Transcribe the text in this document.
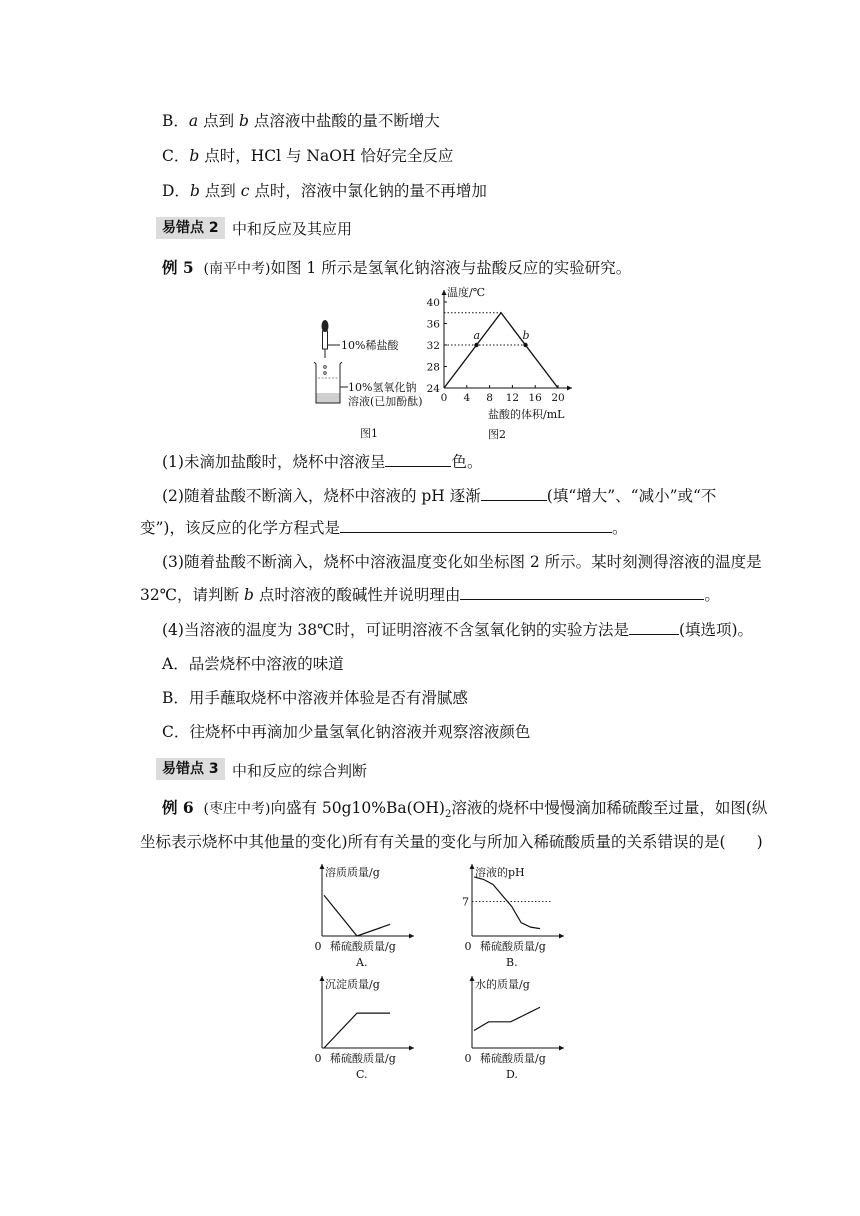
B．a 点到 b 点溶液中盐酸的量不断增大
C．b 点时，HCl 与 NaOH 恰好完全反应
D．b 点到 c 点时，溶液中氯化钠的量不再增加
易错点 2 中和反应及其应用
例 5 (南平中考)如图 1 所示是氢氧化钠溶液与盐酸反应的实验研究。
10%稀盐酸
10%氢氧化钠
溶液(已加酚酞)
图1
温度/℃
盐酸的体积/mL
0 4 8 12 16 20
24
28
32
36
40
a	b
图2
(1)未滴加盐酸时，烧杯中溶液呈	色。
(2)随着盐酸不断滴入，烧杯中溶液的 pH 逐渐	(填“增大”、“减小”或“不
变”)，该反应的化学方程式是	。
(3)随着盐酸不断滴入，烧杯中溶液温度变化如坐标图 2 所示。某时刻测得溶液的温度是
32℃，请判断 b 点时溶液的酸碱性并说明理由	。
(4)当溶液的温度为 38℃时，可证明溶液不含氢氧化钠的实验方法是	(填选项)。
A．品尝烧杯中溶液的味道
B．用手蘸取烧杯中溶液并体验是否有滑腻感
C．往烧杯中再滴加少量氢氧化钠溶液并观察溶液颜色
易错点 3 中和反应的综合判断
例 6 (枣庄中考)向盛有 $50g10\%Ba(OH)_2$溶液的烧杯中慢慢滴加稀硫酸至过量，如图(纵
坐标表示烧杯中其他量的变化)所有有关量的变化与所加入稀硫酸质量的关系错误的是(　　)
溶质质量/g
0 稀硫酸质量/g
A.
溶液的pH
0 稀硫酸质量/g
B.
7
沉淀质量/g
0 稀硫酸质量/g
C.
水的质量/g
0 稀硫酸质量/g
D.
